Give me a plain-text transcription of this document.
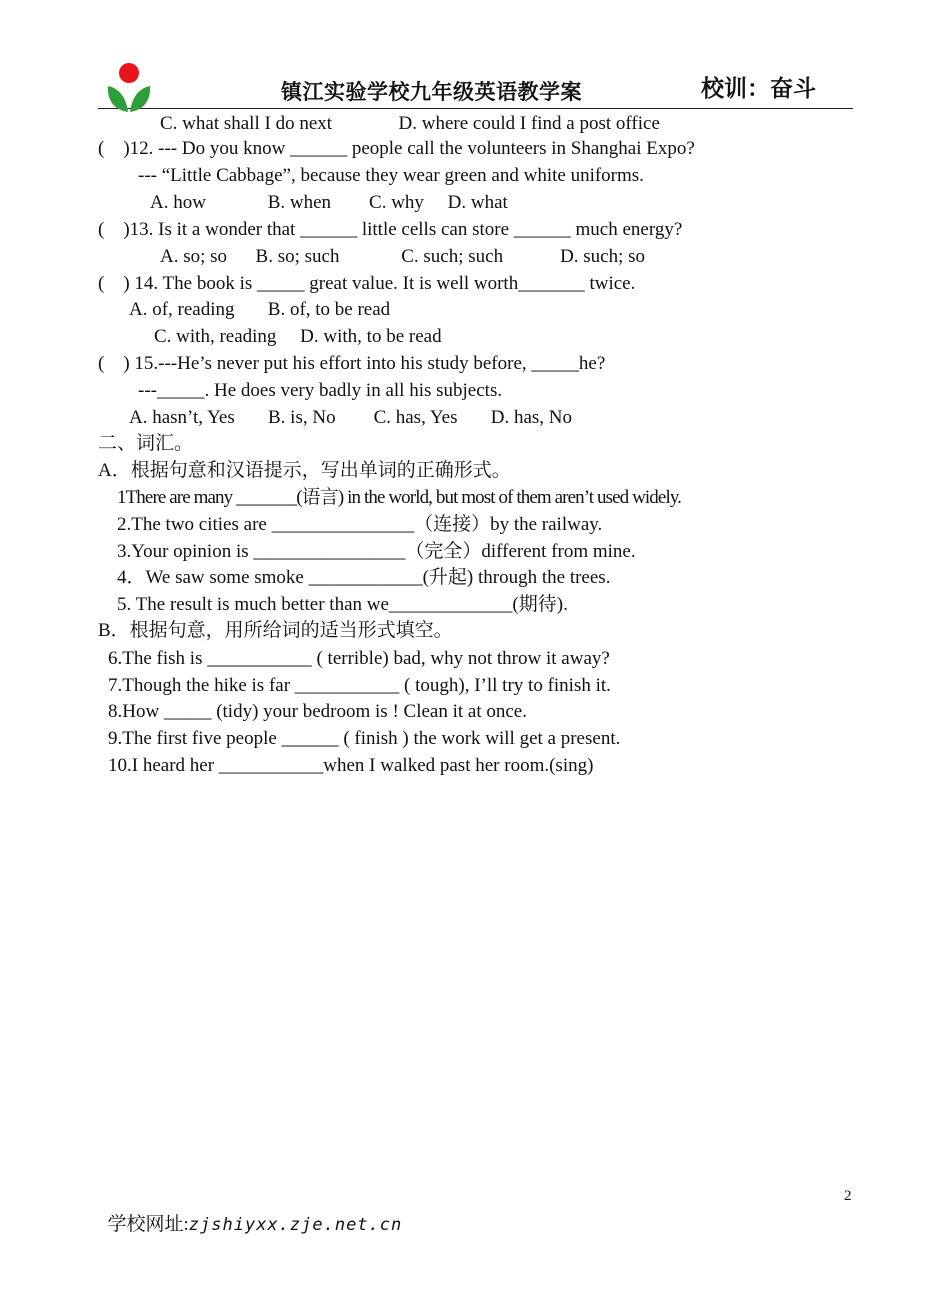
镇江实验学校九年级英语教学案	校训：奋斗
C. what shall I do next              D. where could I find a post office
(    )12. --- Do you know ______ people call the volunteers in Shanghai Expo?
--- “Little Cabbage”, because they wear green and white uniforms.
A. how             B. when        C. why     D. what
(    )13. Is it a wonder that ______ little cells can store ______ much energy?
A. so; so      B. so; such             C. such; such            D. such; so
(    ) 14. The book is _____ great value. It is well worth_______ twice.
A. of, reading       B. of, to be read
C. with, reading     D. with, to be read
(    ) 15.---He’s never put his effort into his study before, _____he?
---_____. He does very badly in all his subjects.
A. hasn’t, Yes       B. is, No        C. has, Yes       D. has, No
二、词汇。
A．根据句意和汉语提示，写出单词的正确形式。
1There are many _______(语言) in the world, but most of them aren’t used widely.
2.The two cities are _______________（连接）by the railway.
3.Your opinion is ________________（完全）different from mine.
4．We saw some smoke ____________(升起) through the trees.
5. The result is much better than we_____________(期待).
B．根据句意，用所给词的适当形式填空。
6.The fish is ___________ ( terrible) bad, why not throw it away?
7.Though the hike is far ___________ ( tough), I’ll try to finish it.
8.How _____ (tidy) your bedroom is ! Clean it at once.
9.The first five people ______ ( finish ) the work will get a present.
10.I heard her ___________when I walked past her room.(sing)

学校网址:zjshiyxx.zje.net.cn

2
